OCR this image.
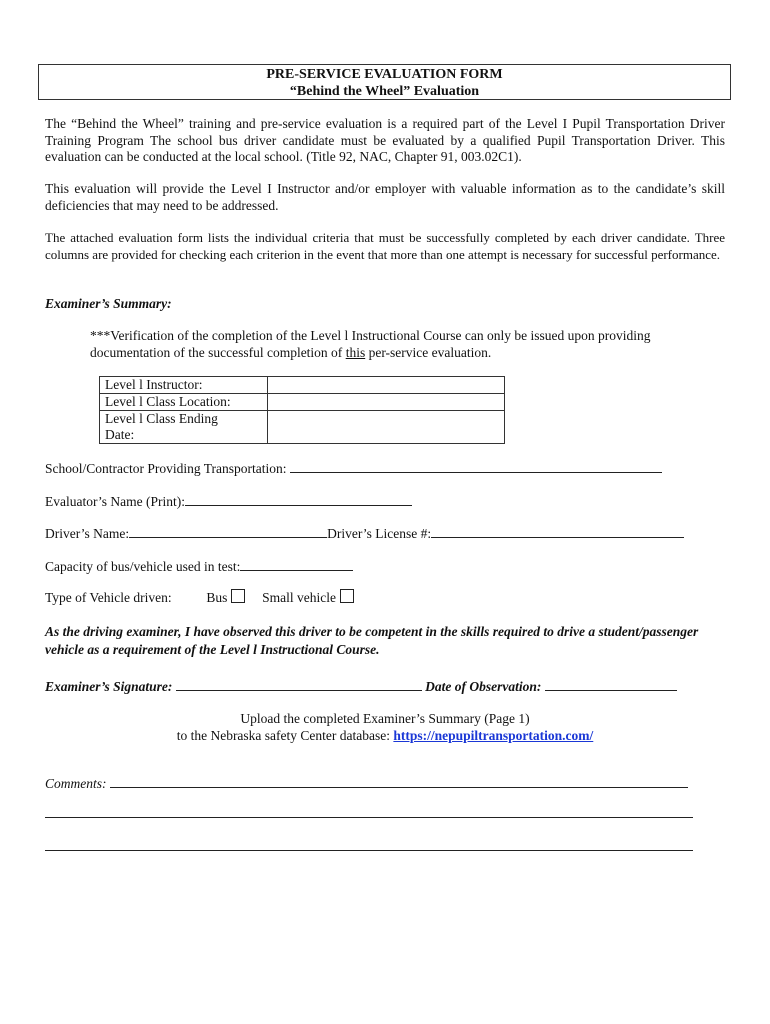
PRE-SERVICE EVALUATION FORM
“Behind the Wheel” Evaluation
The “Behind the Wheel” training and pre-service evaluation is a required part of the Level I Pupil Transportation Driver Training Program The school bus driver candidate must be evaluated by a qualified Pupil Transportation Driver. This evaluation can be conducted at the local school. (Title 92, NAC, Chapter 91, 003.02C1).
This evaluation will provide the Level I Instructor and/or employer with valuable information as to the candidate’s skill deficiencies that may need to be addressed.
The attached evaluation form lists the individual criteria that must be successfully completed by each driver candidate. Three columns are provided for checking each criterion in the event that more than one attempt is necessary for successful performance.
Examiner’s Summary:
***Verification of the completion of the Level l Instructional Course can only be issued upon providing documentation of the successful completion of this per-service evaluation.
Level l Instructor:	
Level l Class Location:	

Level l Class Ending
Date:	

School/Contractor Providing Transportation:
Evaluator’s Name (Print):
Driver’s Name:	Driver’s License #:
Capacity of bus/vehicle used in test:
Type of Vehicle driven:	Bus	Small vehicle
As the driving examiner, I have observed this driver to be competent in the skills required to drive a student/passenger vehicle as a requirement of the Level l Instructional Course.
Examiner’s Signature:	Date of Observation:
Upload the completed Examiner’s Summary (Page 1)
to the Nebraska safety Center database: https://nepupiltransportation.com/
Comments:
